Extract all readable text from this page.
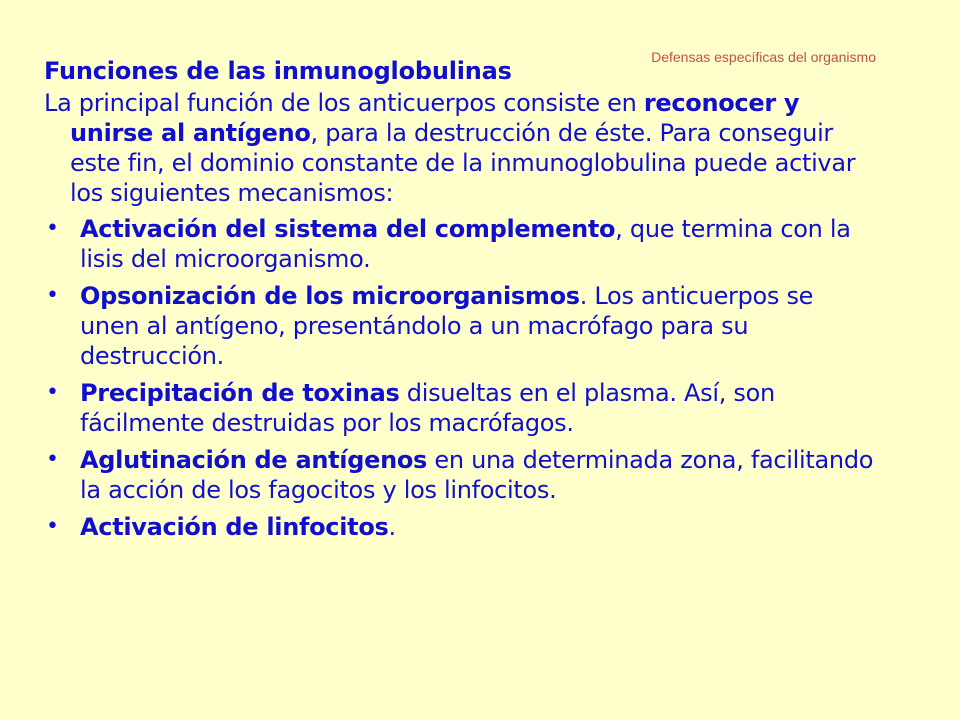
Defensas específicas del organismo
Funciones de las inmunoglobulinas
La principal función de los anticuerpos consiste en reconocer y unirse al antígeno, para la destrucción de éste. Para conseguir este fin, el dominio constante de la inmunoglobulina puede activar los siguientes mecanismos:
• Activación del sistema del complemento, que termina con la lisis del microorganismo.
• Opsonización de los microorganismos. Los anticuerpos se unen al antígeno, presentándolo a un macrófago para su destrucción.
• Precipitación de toxinas disueltas en el plasma. Así, son fácilmente destruidas por los macrófagos.
• Aglutinación de antígenos en una determinada zona, facilitando la acción de los fagocitos y los linfocitos.
• Activación de linfocitos.
